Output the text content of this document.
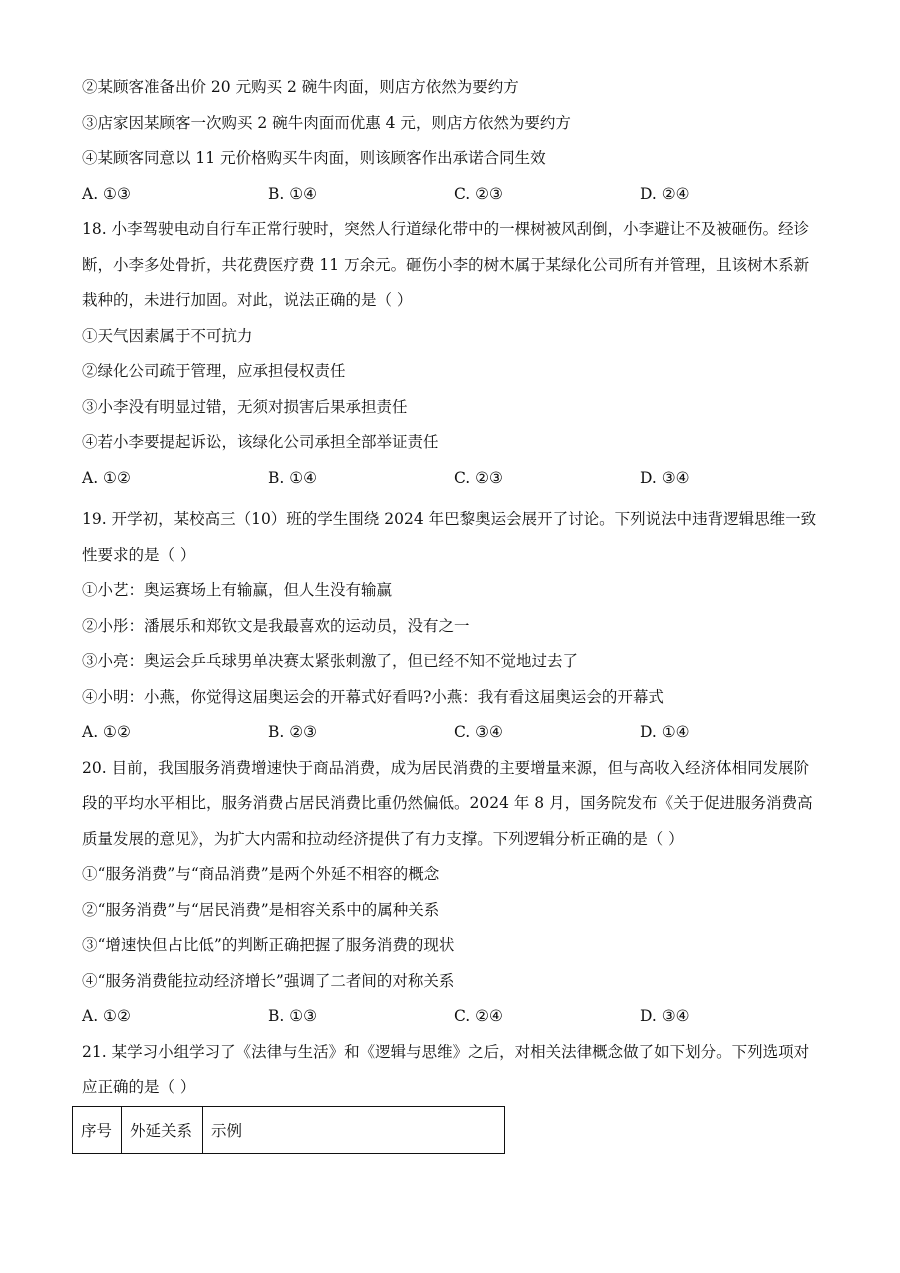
②某顾客准备出价 20 元购买 2 碗牛肉面，则店方依然为要约方
③店家因某顾客一次购买 2 碗牛肉面而优惠 4 元，则店方依然为要约方
④某顾客同意以 11 元价格购买牛肉面，则该顾客作出承诺合同生效
A. ①③	B. ①④	C. ②③	D. ②④
18. 小李驾驶电动自行车正常行驶时，突然人行道绿化带中的一棵树被风刮倒，小李避让不及被砸伤。经诊
断，小李多处骨折，共花费医疗费 11 万余元。砸伤小李的树木属于某绿化公司所有并管理，且该树木系新
栽种的，未进行加固。对此，说法正确的是（ ）
①天气因素属于不可抗力
②绿化公司疏于管理，应承担侵权责任
③小李没有明显过错，无须对损害后果承担责任
④若小李要提起诉讼，该绿化公司承担全部举证责任
A. ①②	B. ①④	C. ②③	D. ③④
19. 开学初，某校高三（10）班的学生围绕 2024 年巴黎奥运会展开了讨论。下列说法中违背逻辑思维一致
性要求的是（ ）
①小艺：奥运赛场上有输赢，但人生没有输赢
②小彤：潘展乐和郑钦文是我最喜欢的运动员，没有之一
③小亮：奥运会乒乓球男单决赛太紧张刺激了，但已经不知不觉地过去了
④小明：小燕，你觉得这届奥运会的开幕式好看吗?小燕：我有看这届奥运会的开幕式
A. ①②	B. ②③	C. ③④	D. ①④
20. 目前，我国服务消费增速快于商品消费，成为居民消费的主要增量来源，但与高收入经济体相同发展阶
段的平均水平相比，服务消费占居民消费比重仍然偏低。2024 年 8 月，国务院发布《关于促进服务消费高
质量发展的意见》，为扩大内需和拉动经济提供了有力支撑。下列逻辑分析正确的是（ ）
①“服务消费”与“商品消费”是两个外延不相容的概念
②“服务消费”与“居民消费”是相容关系中的属种关系
③“增速快但占比低”的判断正确把握了服务消费的现状
④“服务消费能拉动经济增长”强调了二者间的对称关系
A. ①②	B. ①③	C. ②④	D. ③④
21. 某学习小组学习了《法律与生活》和《逻辑与思维》之后，对相关法律概念做了如下划分。下列选项对
应正确的是（ ）
序号	外延关系	示例
